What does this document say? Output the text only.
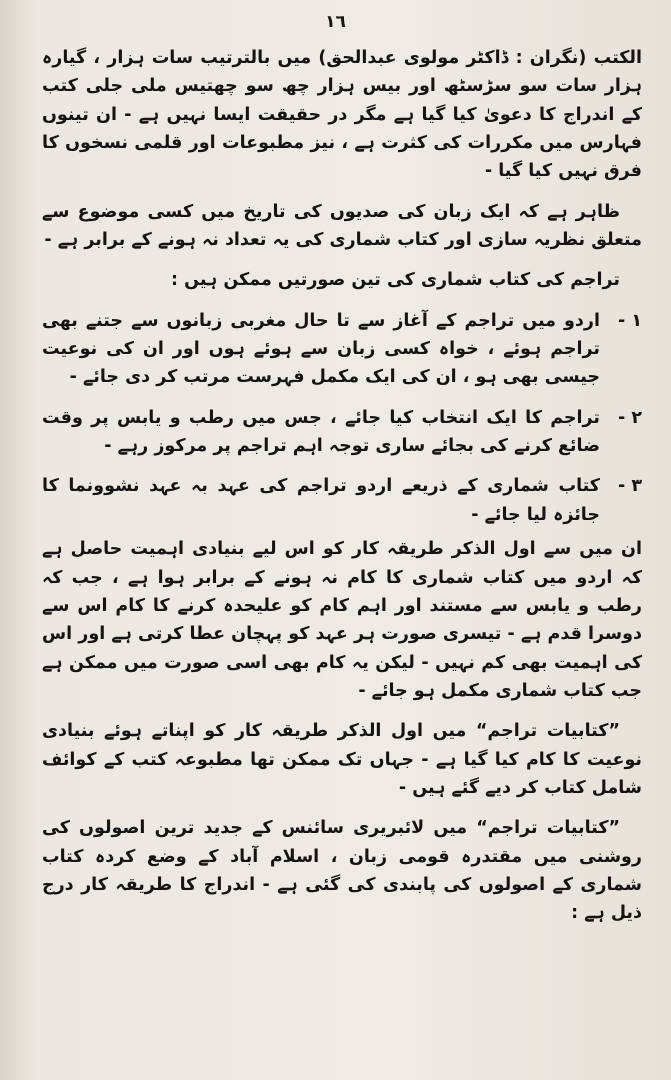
١٦

الکتب (نگران : ڈاکٹر مولوی عبدالحق) میں بالترتیب سات ہزار ، گیارہ ہزار سات سو سڑسٹھ اور بیس ہزار چھ سو چھتیس ملی جلی کتب کے اندراج کا دعویٰ کیا گیا ہے مگر در حقیقت ایسا نہیں ہے - ان تینوں فہارس میں مکررات کی کثرت ہے ، نیز مطبوعات اور قلمی نسخوں کا فرق نہیں کیا گیا -

ظاہر ہے کہ ایک زبان کی صدیوں کی تاریخ میں کسی موضوع سے متعلق نظریہ سازی اور کتاب شماری کی یہ تعداد نہ ہونے کے برابر ہے -

تراجم کی کتاب شماری کی تین صورتیں ممکن ہیں :

١ -
اردو میں تراجم کے آغاز سے تا حال مغربی زبانوں سے جتنے بھی تراجم ہوئے ، خواہ کسی زبان سے ہوئے ہوں اور ان کی نوعیت جیسی بھی ہو ، ان کی ایک مکمل فہرست مرتب کر دی جائے -
٢ -
تراجم کا ایک انتخاب کیا جائے ، جس میں رطب و یابس پر وقت ضائع کرنے کی بجائے ساری توجہ اہم تراجم پر مرکوز رہے -
٣ -
کتاب شماری کے ذریعے اردو تراجم کی عہد بہ عہد نشوونما کا جائزہ لیا جائے -

ان میں سے اول الذکر طریقہ کار کو اس لیے بنیادی اہمیت حاصل ہے کہ اردو میں کتاب شماری کا کام نہ ہونے کے برابر ہوا ہے ، جب کہ رطب و یابس سے مستند اور اہم کام کو علیحدہ کرنے کا کام اس سے دوسرا قدم ہے - تیسری صورت ہر عہد کو پہچان عطا کرتی ہے اور اس کی اہمیت بھی کم نہیں - لیکن یہ کام بھی اسی صورت میں ممکن ہے جب کتاب شماری مکمل ہو جائے -

”کتابیات تراجم“ میں اول الذکر طریقہ کار کو اپناتے ہوئے بنیادی نوعیت کا کام کیا گیا ہے - جہاں تک ممکن تھا مطبوعہ کتب کے کوائف شامل کتاب کر دیے گئے ہیں -

”کتابیات تراجم“ میں لائبریری سائنس کے جدید ترین اصولوں کی روشنی میں مقتدرہ قومی زبان ، اسلام آباد کے وضع کردہ کتاب شماری کے اصولوں کی پابندی کی گئی ہے - اندراج کا طریقہ کار درج ذیل ہے :
